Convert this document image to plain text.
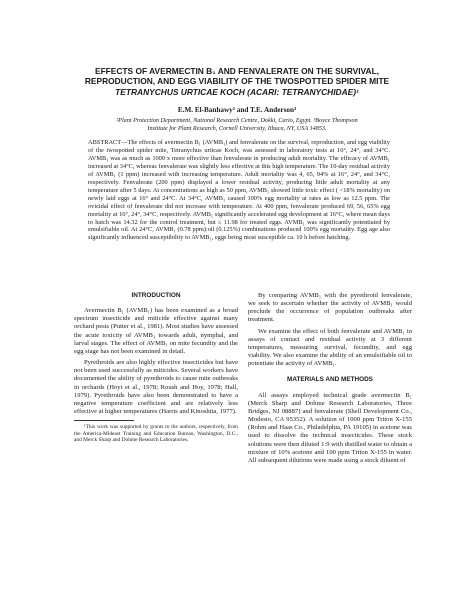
EFFECTS OF AVERMECTIN B₁ AND FENVALERATE ON THE SURVIVAL,
REPRODUCTION, AND EGG VIABILITY OF THE TWOSPOTTED SPIDER MITE
TETRANYCHUS URTICAE KOCH (ACARI: TETRANYCHIDAE)¹
E.M. El-Banhawy² and T.E. Anderson³
²Plant Protection Department, National Research Centre, Dokki, Cario, Egypt. ³Boyce Thompson
Institute for Plant Research, Cornell University, Ithaca, NY, USA 14853.

ABSTRACT—The effects of avermectin B₁ (AVMB₁) and fenvalerate on the survival, reproduction, and egg viability of the twospotted spider mite, Tetranychus urticae Koch, was assessed in laboratory tests at 16°, 24°, and 34°C. AVMB₁ was as much as 1000 x more effective than fenvalerate in producing adult mortality. The efficacy of AVMB₁ increased at 34°C, whereas fenvalerate was slightly less effective at this high temperature. The 10-day residual activity of AVMB₁ (1 ppm) increased with increasing temperature. Adult mortality was 4, 65, 94% at 16°, 24°, and 34°C, respectively. Fenvalerate (200 ppm) displayed a lower residual activity, producing little adult mortality at any temperature after 5 days. At concentrations as high as 50 ppm, AVMB₁ showed little toxic effect ( <18% mortality) on newly laid eggs at 16° and 24°C. At 34°C, AVMB₁ caused 100% egg mortality at rates as low as 12.5 ppm. The ovicidal effect of fenvalerate did not increase with temperature. At 400 ppm, fenvalerate produced 69, 56, 65% egg mortality at 16°, 24°, 34°C, respectively. AVMB₁ significantly accelerated egg development at 16°C, where mean days to hatch was 14.32 for the control treatment, but ≤ 11.98 for treated eggs. AVMB₁ was significantly potentiated by emulsifiable oil. At 24°C, AVMB₁ (0.78 ppm):oil (0.125%) combinations produced 100% egg mortality. Egg age also significantly influenced susceptibility to AVMB₁, eggs being most susceptible ca. 10 h before hatching.

INTRODUCTION

Avermectin B₁ (AVMB₁) has been examined as a broad spectrum insecticide and miticide effective against many orchard pests (Putter et al., 1981). Most studies have assessed the acute toxicity of AVMB₁ towards adult, nymphal, and larval stages. The effect of AVMB₁ on mite fecundity and the egg stage has not been examined in detail.

Pyrethroids are also highly effective insecticides but have not been used successfully as miticides. Several workers have documented the ability of pyrethroids to cause mite outbreaks in orchards (Hoyt et al., 1978; Roush and Hoy, 1978; Hall, 1979). Pyrethroids have also been demonstrated to have a negative temperature coefficient and are relatively less effective at higher temperatures (Harris and Kinoshita, 1977).

¹This work was supported by grants to the authors, respectively, from the America-Mideast Training and Education Bureau, Washington, D.C., and Merck Sharp and Dohme Research Laboratories.

By comparing AVMB₁ with the pyrethroid fenvalerate, we seek to ascertain whether the activity of AVMB₁ would preclude the occurrence of population outbreaks after treatment.

We examine the effect of both fenvalerate and AVMB₁ in assays of contact and residual activity at 3 different temperatures, measuring survival, fecundity, and egg viability. We also examine the ability of an emulsifiable oil to potentiate the activity of AVMB₁.

MATERIALS AND METHODS

All assays employed technical grade avermectin B₁ (Merck Sharp and Dohme Research Laboratories, Three Bridges, NJ 08887) and fenvalerate (Shell Development Co., Modesto, CA 95352). A solution of 1000 ppm Triton X-155 (Rohm and Haas Co., Philadelphia, PA 19105) in acetone was used to dissolve the technical insecticides. These stock solutions were then diluted 1:9 with distilled water to obtain a mixture of 10% acetone and 100 ppm Triton X-155 in water. All subsequent dilutions were made using a stock diluent of
